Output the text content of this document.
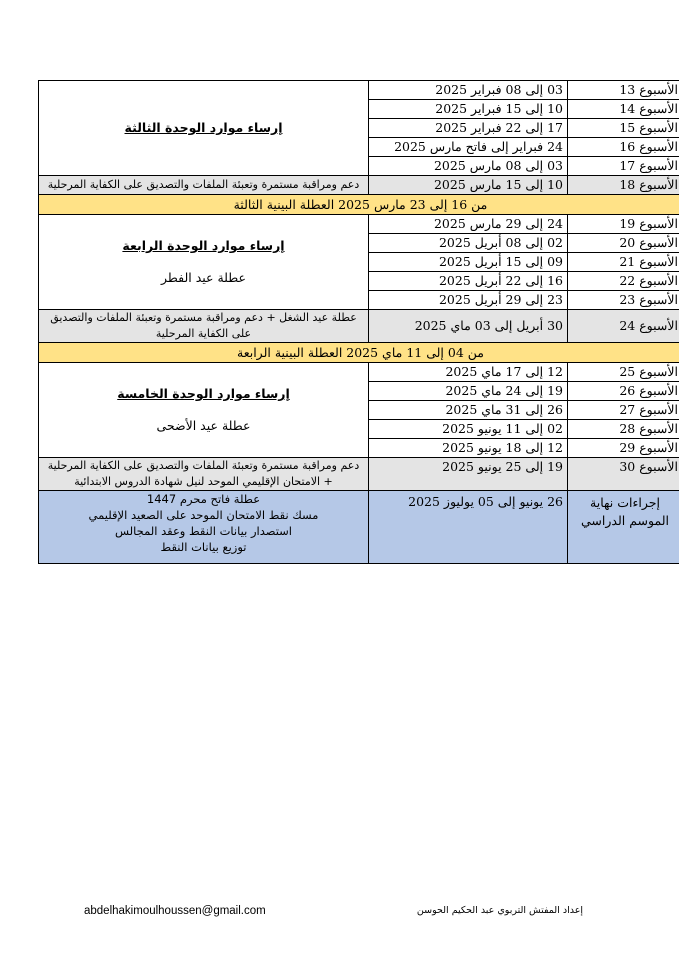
الأسبوع 13	03 إلى 08 فبراير 2025	إرساء موارد الوحدة الثالثة

الأسبوع 14	10 إلى 15 فبراير 2025	
الأسبوع 15	17 إلى 22 فبراير 2025	
الأسبوع 16	24 فبراير إلى فاتح مارس 2025	
الأسبوع 17	03 إلى 08 مارس 2025	
الأسبوع 18	10 إلى 15 مارس 2025	دعم ومراقبة مستمرة وتعبئة الملفات والتصديق على الكفاية المرحلية
من 16 إلى 23 مارس 2025 العطلة البينية الثالثة		
الأسبوع 19	24 إلى 29 مارس 2025	إرساء موارد الوحدة الرابعة
عطلة عيد الفطر

الأسبوع 20	02 إلى 08 أبريل 2025	
الأسبوع 21	09 إلى 15 أبريل 2025	
الأسبوع 22	16 إلى 22 أبريل 2025	
الأسبوع 23	23 إلى 29 أبريل 2025	
الأسبوع 24	30 أبريل إلى 03 ماي 2025	عطلة عيد الشغل + دعم ومراقبة مستمرة وتعبئة الملفات والتصديق على الكفاية المرحلية
من 04 إلى 11 ماي 2025 العطلة البينية الرابعة		
الأسبوع 25	12 إلى 17 ماي 2025	إرساء موارد الوحدة الخامسة
عطلة عيد الأضحى

الأسبوع 26	19 إلى 24 ماي 2025	
الأسبوع 27	26 إلى 31 ماي 2025	
الأسبوع 28	02 إلى 11 يونيو 2025	
الأسبوع 29	12 إلى 18 يونيو 2025	
الأسبوع 30	19 إلى 25 يونيو 2025	دعم ومراقبة مستمرة وتعبئة الملفات والتصديق على الكفاية المرحلية + الامتحان الإقليمي الموحد لنيل شهادة الدروس الابتدائية
إجراءات نهاية الموسم الدراسي	26 يونيو إلى 05 يوليوز 2025	عطلة فاتح محرم 1447
مسك نقط الامتحان الموحد على الصعيد الإقليمي
استصدار بيانات النقط وعقد المجالس
توزيع بيانات النقط
abdelhakimoulhoussen@gmail.com	إعداد المفتش التربوي عبد الحكيم الحوسن
